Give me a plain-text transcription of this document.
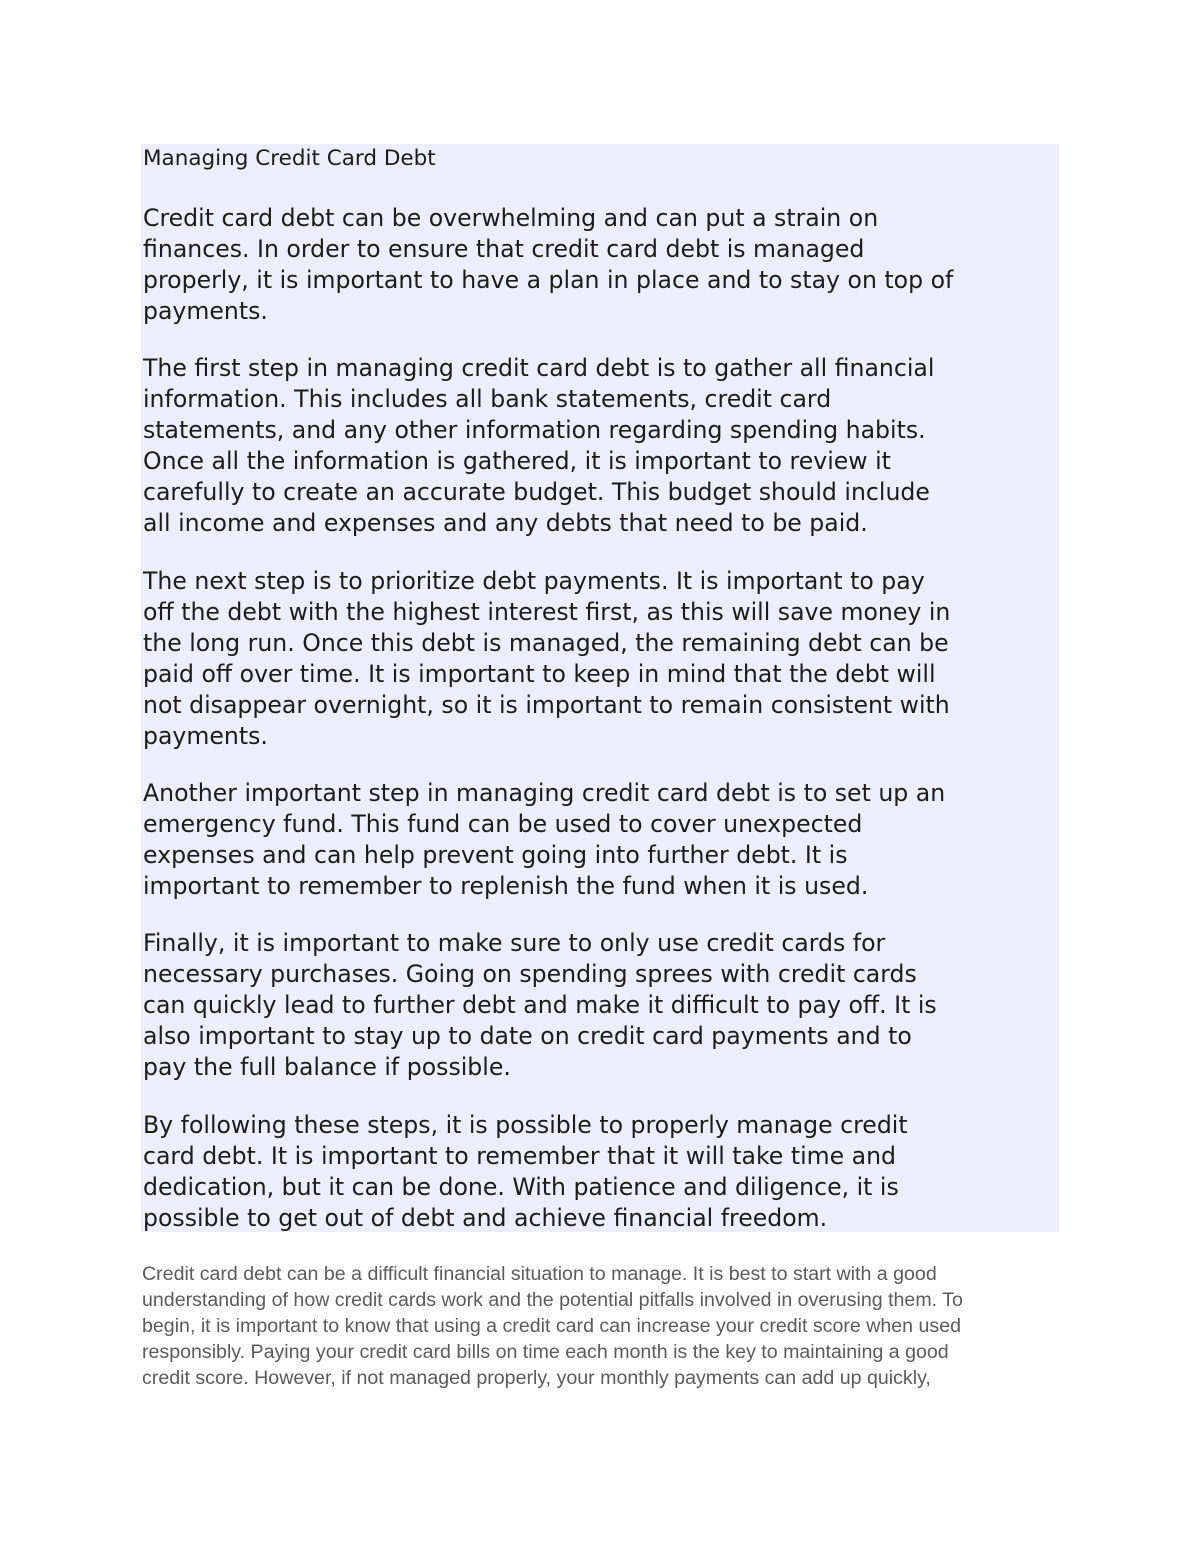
Managing Credit Card Debt

Credit card debt can be overwhelming and can put a strain on
finances. In order to ensure that credit card debt is managed
properly, it is important to have a plan in place and to stay on top of
payments.

The first step in managing credit card debt is to gather all financial
information. This includes all bank statements, credit card
statements, and any other information regarding spending habits.
Once all the information is gathered, it is important to review it
carefully to create an accurate budget. This budget should include
all income and expenses and any debts that need to be paid.

The next step is to prioritize debt payments. It is important to pay
off the debt with the highest interest first, as this will save money in
the long run. Once this debt is managed, the remaining debt can be
paid off over time. It is important to keep in mind that the debt will
not disappear overnight, so it is important to remain consistent with
payments.

Another important step in managing credit card debt is to set up an
emergency fund. This fund can be used to cover unexpected
expenses and can help prevent going into further debt. It is
important to remember to replenish the fund when it is used.

Finally, it is important to make sure to only use credit cards for
necessary purchases. Going on spending sprees with credit cards
can quickly lead to further debt and make it difficult to pay off. It is
also important to stay up to date on credit card payments and to
pay the full balance if possible.

By following these steps, it is possible to properly manage credit
card debt. It is important to remember that it will take time and
dedication, but it can be done. With patience and diligence, it is
possible to get out of debt and achieve financial freedom.

Credit card debt can be a difficult financial situation to manage. It is best to start with a good
understanding of how credit cards work and the potential pitfalls involved in overusing them. To
begin, it is important to know that using a credit card can increase your credit score when used
responsibly. Paying your credit card bills on time each month is the key to maintaining a good
credit score. However, if not managed properly, your monthly payments can add up quickly,
